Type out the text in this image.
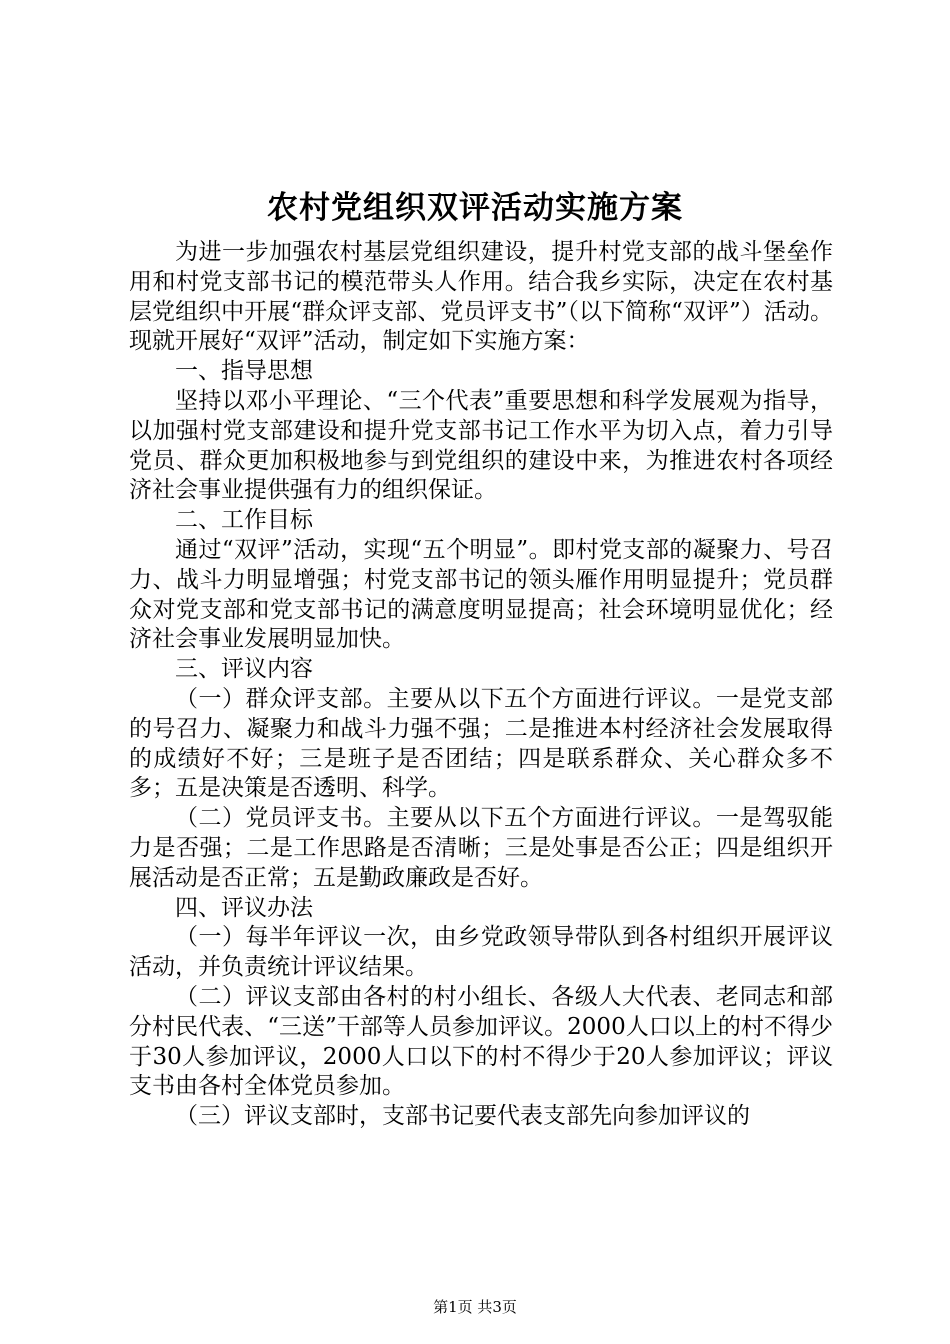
农村党组织双评活动实施方案

为进一步加强农村基层党组织建设，提升村党支部的战斗堡垒作用和村党支部书记的模范带头人作用。结合我乡实际，决定在农村基层党组织中开展“群众评支部、党员评支书”（以下简称“双评”）活动。现就开展好“双评”活动，制定如下实施方案：

一、指导思想

坚持以邓小平理论、“三个代表”重要思想和科学发展观为指导，以加强村党支部建设和提升党支部书记工作水平为切入点，着力引导党员、群众更加积极地参与到党组织的建设中来，为推进农村各项经济社会事业提供强有力的组织保证。

二、工作目标

通过“双评”活动，实现“五个明显”。即村党支部的凝聚力、号召力、战斗力明显增强；村党支部书记的领头雁作用明显提升；党员群众对党支部和党支部书记的满意度明显提高；社会环境明显优化；经济社会事业发展明显加快。

三、评议内容

（一）群众评支部。主要从以下五个方面进行评议。一是党支部的号召力、凝聚力和战斗力强不强；二是推进本村经济社会发展取得的成绩好不好；三是班子是否团结；四是联系群众、关心群众多不多；五是决策是否透明、科学。

（二）党员评支书。主要从以下五个方面进行评议。一是驾驭能力是否强；二是工作思路是否清晰；三是处事是否公正；四是组织开展活动是否正常；五是勤政廉政是否好。

四、评议办法

（一）每半年评议一次，由乡党政领导带队到各村组织开展评议活动，并负责统计评议结果。

（二）评议支部由各村的村小组长、各级人大代表、老同志和部分村民代表、“三送”干部等人员参加评议。2000人口以上的村不得少于30人参加评议，2000人口以下的村不得少于20人参加评议；评议支书由各村全体党员参加。

（三）评议支部时，支部书记要代表支部先向参加评议的

第1页 共3页
